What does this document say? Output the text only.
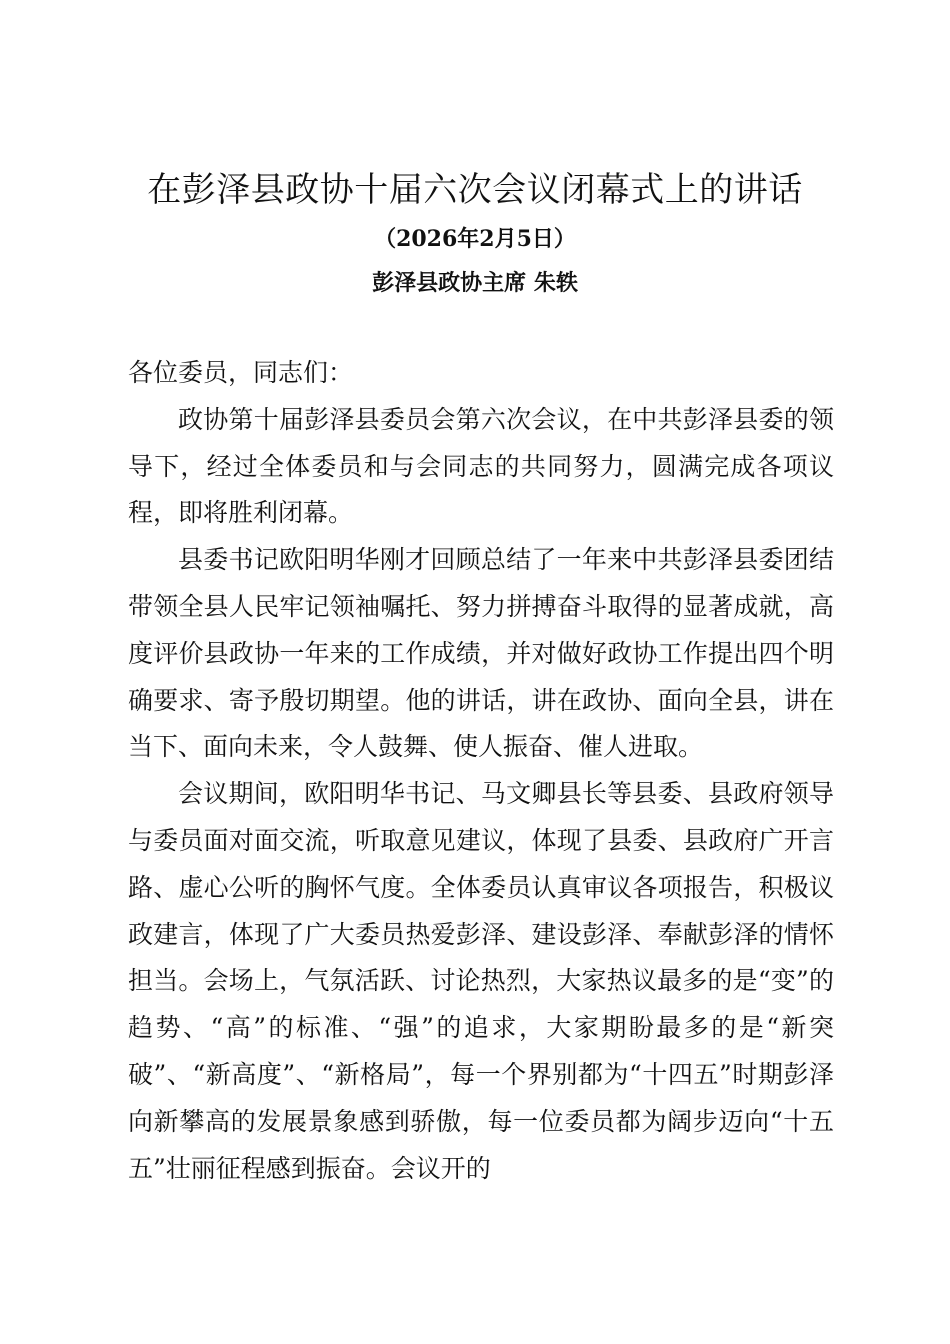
在彭泽县政协十届六次会议闭幕式上的讲话
（2026年2月5日）
彭泽县政协主席 朱轶

各位委员，同志们：

政协第十届彭泽县委员会第六次会议，在中共彭泽县委的领导下，经过全体委员和与会同志的共同努力，圆满完成各项议程，即将胜利闭幕。

县委书记欧阳明华刚才回顾总结了一年来中共彭泽县委团结带领全县人民牢记领袖嘱托、努力拼搏奋斗取得的显著成就，高度评价县政协一年来的工作成绩，并对做好政协工作提出四个明确要求、寄予殷切期望。他的讲话，讲在政协、面向全县，讲在当下、面向未来，令人鼓舞、使人振奋、催人进取。

会议期间，欧阳明华书记、马文卿县长等县委、县政府领导与委员面对面交流，听取意见建议，体现了县委、县政府广开言路、虚心公听的胸怀气度。全体委员认真审议各项报告，积极议政建言，体现了广大委员热爱彭泽、建设彭泽、奉献彭泽的情怀担当。会场上，气氛活跃、讨论热烈，大家热议最多的是“变”的趋势、“高”的标准、“强”的追求，大家期盼最多的是“新突破”、“新高度”、“新格局”，每一个界别都为“十四五”时期彭泽向新攀高的发展景象感到骄傲，每一位委员都为阔步迈向“十五五”壮丽征程感到振奋。会议开的
